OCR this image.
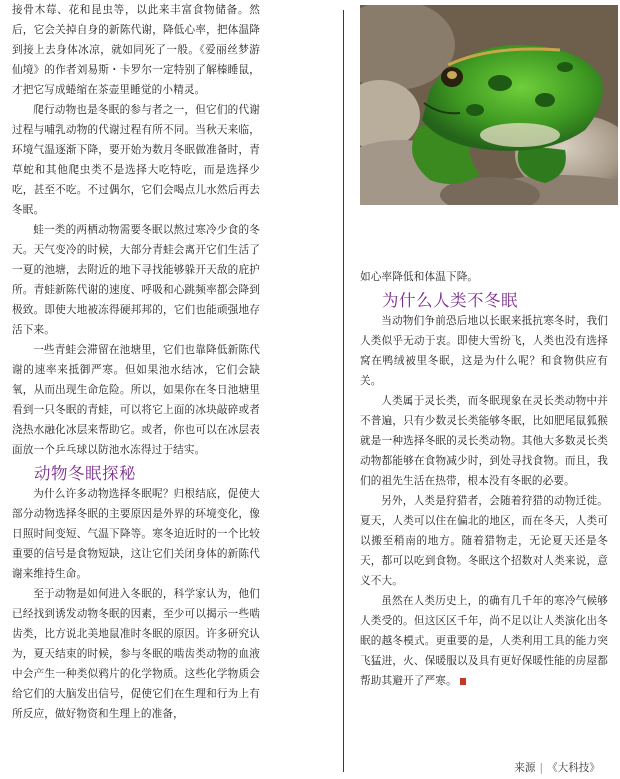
接骨木莓、花和昆虫等，以此来丰富食物储备。然后，它会关掉自身的新陈代谢，降低心率，把体温降到接上去身体冰凉，就如同死了一般。《爱丽丝梦游仙境》的作者刘易斯・卡罗尔一定特别了解榛睡鼠，才把它写成蜷缩在茶壶里睡觉的小精灵。

爬行动物也是冬眠的参与者之一，但它们的代谢过程与哺乳动物的代谢过程有所不同。当秋天来临，环境气温逐渐下降，要开始为数月冬眠做准备时，青草蛇和其他爬虫类不是选择大吃特吃，而是选择少吃，甚至不吃。不过偶尔，它们会喝点儿水然后再去冬眠。

蛙一类的两栖动物需要冬眠以熬过寒冷少食的冬天。天气变冷的时候，大部分青蛙会离开它们生活了一夏的池塘，去附近的地下寻找能够躲开天敌的庇护所。青蛙新陈代谢的速度、呼吸和心跳频率都会降到极致。即使大地被冻得硬邦邦的，它们也能顽强地存活下来。

一些青蛙会滞留在池塘里，它们也靠降低新陈代谢的速率来抵御严寒。但如果池水结冰，它们会缺氧，从而出现生命危险。所以，如果你在冬日池塘里看到一只冬眠的青蛙，可以将它上面的冰块敲碎或者浇热水融化冰层来帮助它。或者，你也可以在冰层表面放一个乒乓球以防池水冻得过于结实。

动物冬眠探秘

为什么许多动物选择冬眠呢？归根结底，促使大部分动物选择冬眠的主要原因是外界的环境变化，像日照时间变短、气温下降等。寒冬迫近时的一个比较重要的信号是食物短缺，这让它们关闭身体的新陈代谢来维持生命。

至于动物是如何进入冬眠的，科学家认为，他们已经找到诱发动物冬眠的因素，至少可以揭示一些啮齿类，比方说北美地鼠准时冬眠的原因。许多研究认为，夏天结束的时候，参与冬眠的啮齿类动物的血液中会产生一种类似鸦片的化学物质。这些化学物质会给它们的大脑发出信号，促使它们在生理和行为上有所反应，做好物资和生理上的准备，

如心率降低和体温下降。

为什么人类不冬眠

当动物们争前恐后地以长眠来抵抗寒冬时，我们人类似乎无动于衷。即使大雪纷飞，人类也没有选择窝在鸭绒被里冬眠，这是为什么呢？和食物供应有关。

人类属于灵长类，而冬眠现象在灵长类动物中并不普遍，只有少数灵长类能够冬眠，比如肥尾鼠狐猴就是一种选择冬眠的灵长类动物。其他大多数灵长类动物都能够在食物减少时，到处寻找食物。而且，我们的祖先生活在热带，根本没有冬眠的必要。

另外，人类是狩猎者，会随着狩猎的动物迁徙。夏天，人类可以住在偏北的地区，而在冬天，人类可以搬至稍南的地方。随着猎物走，无论夏天还是冬天，都可以吃到食物。冬眠这个招数对人类来说，意义不大。

虽然在人类历史上，的确有几千年的寒冷气候够人类受的。但这区区千年，尚不足以让人类演化出冬眠的越冬模式。更重要的是，人类利用工具的能力突飞猛进，火、保暖服以及具有更好保暖性能的房屋都帮助其避开了严寒。

来源 | 《大科技》
